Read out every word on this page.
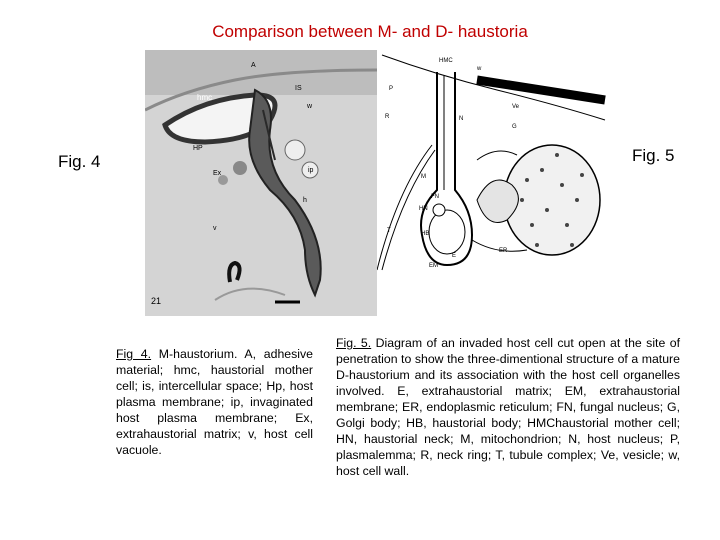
Comparison between M- and D- haustoria
Fig. 4	Fig. 5
A
hmc
IS
w
HP
Ex	ip
h
v
21
HMC
P
R	N
Ve
G
M
FN
HN
HB
E
EM
ER
T
w
Fig 4. M-haustorium. A, adhesive material; hmc, haustorial mother cell; is, intercellular space; Hp, host plasma membrane; ip, invaginated host plasma membrane; Ex, extrahaustorial matrix; v, host cell vacuole.
Fig. 5. Diagram of an invaded host cell cut open at the site of penetration to show the three-dimentional structure of a mature D-haustorium and its association with the host cell organelles involved. E, extrahaustorial matrix; EM, extrahaustorial membrane; ER, endoplasmic reticulum; FN, fungal nucleus; G, Golgi body; HB, haustorial body; HMChaustorial mother cell; HN, haustorial neck; M, mitochondrion; N, host nucleus; P, plasmalemma; R, neck ring; T, tubule complex; Ve, vesicle; w, host cell wall.
